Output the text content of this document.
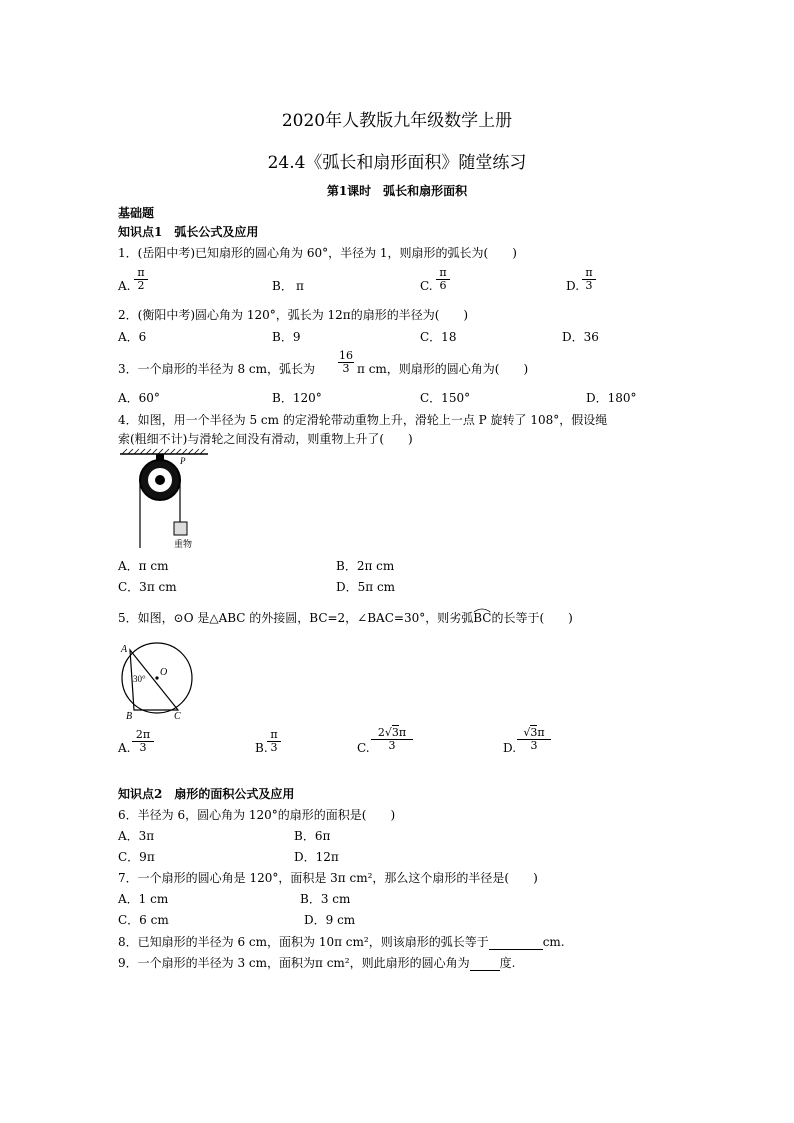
2020年人教版九年级数学上册
24.4《弧长和扇形面积》随堂练习
第1课时　弧长和扇形面积
基础题
知识点1　弧长公式及应用
1．(岳阳中考)已知扇形的圆心角为 60°，半径为 1，则扇形的弧长为(　　)
A. $\frac{\pi}{2}$	B． π	C. $\frac{\pi}{6}$	D. $\frac{\pi}{3}$
2．(衡阳中考)圆心角为 120°，弧长为 12π的扇形的半径为(　　)
A．6	B．9	C．18	D．36
3．一个扇形的半径为 8 cm，弧长为 $\frac{16}{3}$ π cm，则扇形的圆心角为(　　)
A．60°	B．120°	C．150°	D．180°
4．如图，用一个半径为 5 cm 的定滑轮带动重物上升，滑轮上一点 P 旋转了 108°，假设绳
索(粗细不计)与滑轮之间没有滑动，则重物上升了(　　)
P
重物
A．π cm	B．2π cm
C．3π cm	D．5π cm
5．如图，⊙O 是△ABC 的外接圆，BC=2，∠BAC=30°，则劣弧BC
的长等于(　　)
A
B	C
O
30°
A. $\frac{2\pi}{3}$	B. $\frac{\pi}{3}$	C. $\frac{2√3\pi}{3}$	D. $\frac{√3\pi}{3}$
知识点2　扇形的面积公式及应用
6．半径为 6，圆心角为 120°的扇形的面积是(　　)
A．3π	B．6π
C．9π	D．12π
7．一个扇形的圆心角是 120°，面积是 3π cm²，那么这个扇形的半径是(　　)
A．1 cm	B．3 cm
C．6 cm	D．9 cm
8．已知扇形的半径为 6 cm，面积为 10π cm²，则该扇形的弧长等于	cm.
9．一个扇形的半径为 3 cm，面积为π cm²，则此扇形的圆心角为	度.
